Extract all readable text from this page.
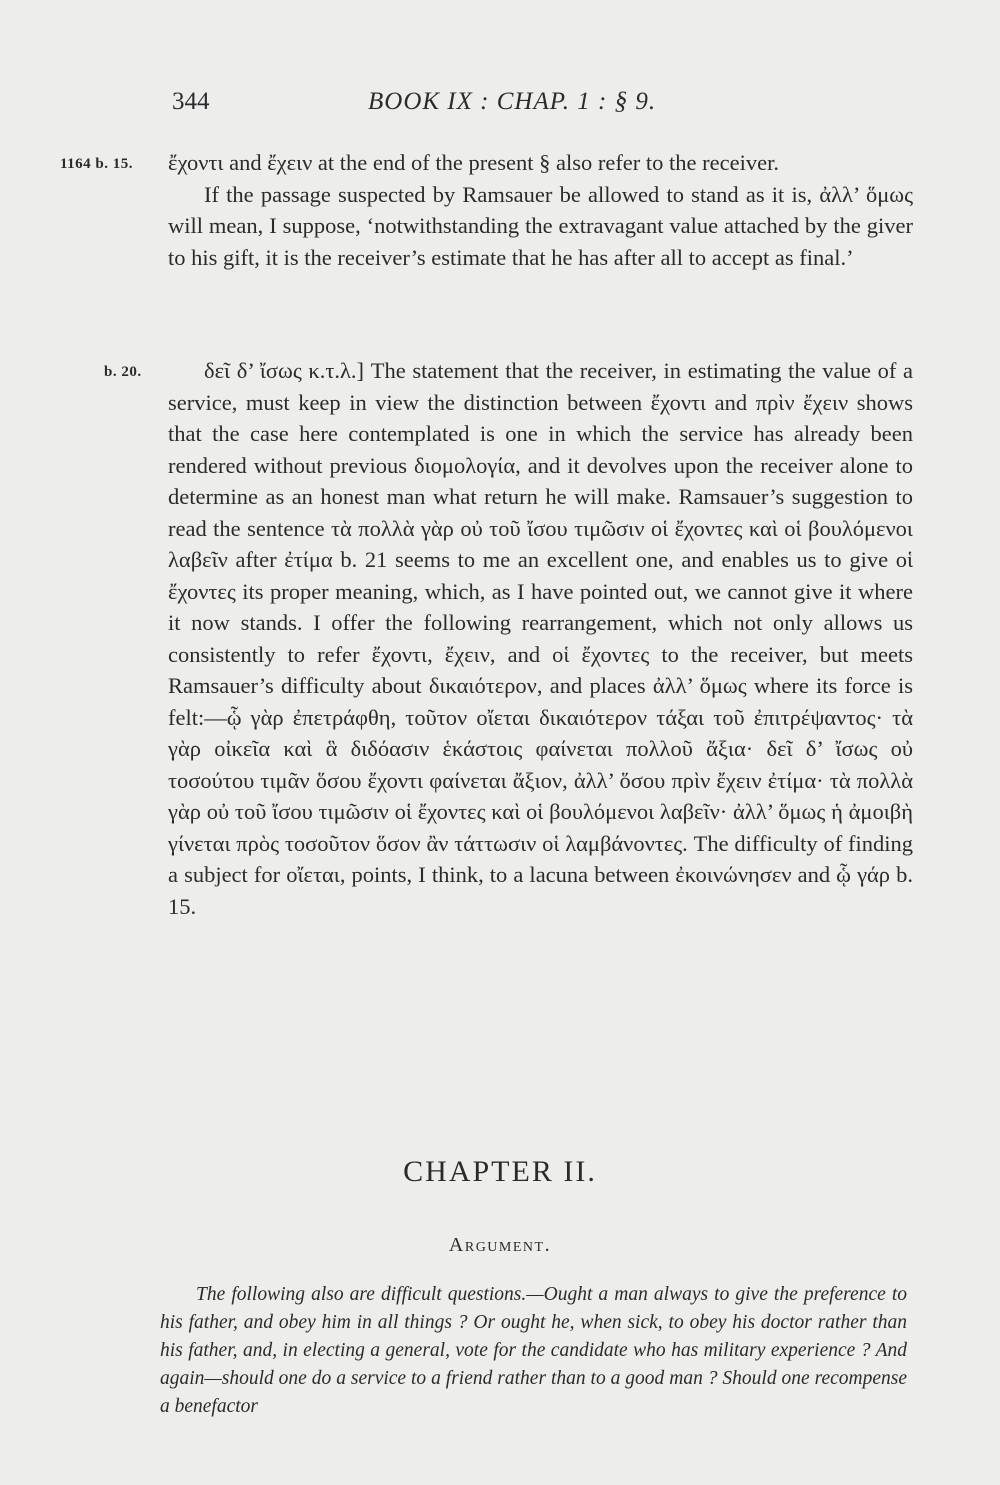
344	BOOK IX : CHAP. 1 : § 9.
1164 b. 15. ἔχοντι and ἔχειν at the end of the present § also refer to the receiver.

If the passage suspected by Ramsauer be allowed to stand as it is, ἀλλ’ ὅμως will mean, I suppose, ‘notwithstanding the extravagant value attached by the giver to his gift, it is the receiver’s estimate that he has after all to accept as final.’

b. 20.	δεῖ δ’ ἴσως κ.τ.λ.] The statement that the receiver, in estimating the value of a service, must keep in view the distinction between ἔχοντι and πρὶν ἔχειν shows that the case here contemplated is one in which the service has already been rendered without previous διομολογία, and it devolves upon the receiver alone to determine as an honest man what return he will make. Ramsauer’s suggestion to read the sentence τὰ πολλὰ γὰρ οὐ τοῦ ἴσου τιμῶσιν οἱ ἔχοντες καὶ οἱ βουλόμενοι λαβεῖν after ἐτίμα b. 21 seems to me an excellent one, and enables us to give οἱ ἔχοντες its proper meaning, which, as I have pointed out, we cannot give it where it now stands. I offer the following rearrangement, which not only allows us consistently to refer ἔχοντι, ἔχειν, and οἱ ἔχοντες to the receiver, but meets Ramsauer’s difficulty about δικαιότερον, and places ἀλλ’ ὅμως where its force is felt:—ᾧ γὰρ ἐπετράφθη, τοῦτον οἴεται δικαιότερον τάξαι τοῦ ἐπιτρέψαντος· τὰ γὰρ οἰκεῖα καὶ ἃ διδόασιν ἑκάστοις φαίνεται πολλοῦ ἄξια· δεῖ δ’ ἴσως οὐ τοσούτου τιμᾶν ὅσου ἔχοντι φαίνεται ἄξιον, ἀλλ’ ὅσου πρὶν ἔχειν ἐτίμα· τὰ πολλὰ γὰρ οὐ τοῦ ἴσου τιμῶσιν οἱ ἔχοντες καὶ οἱ βουλόμενοι λαβεῖν· ἀλλ’ ὅμως ἡ ἀμοιβὴ γίνεται πρὸς τοσοῦτον ὅσον ἂν τάττωσιν οἱ λαμβάνοντες. The difficulty of finding a subject for οἴεται, points, I think, to a lacuna between ἐκοινώνησεν and ᾧ γάρ b. 15.

CHAPTER II.
Argument.

The following also are difficult questions.—Ought a man always to give the preference to his father, and obey him in all things ? Or ought he, when sick, to obey his doctor rather than his father, and, in electing a general, vote for the candidate who has military experience ? And again—should one do a service to a friend rather than to a good man ? Should one recompense a benefactor
